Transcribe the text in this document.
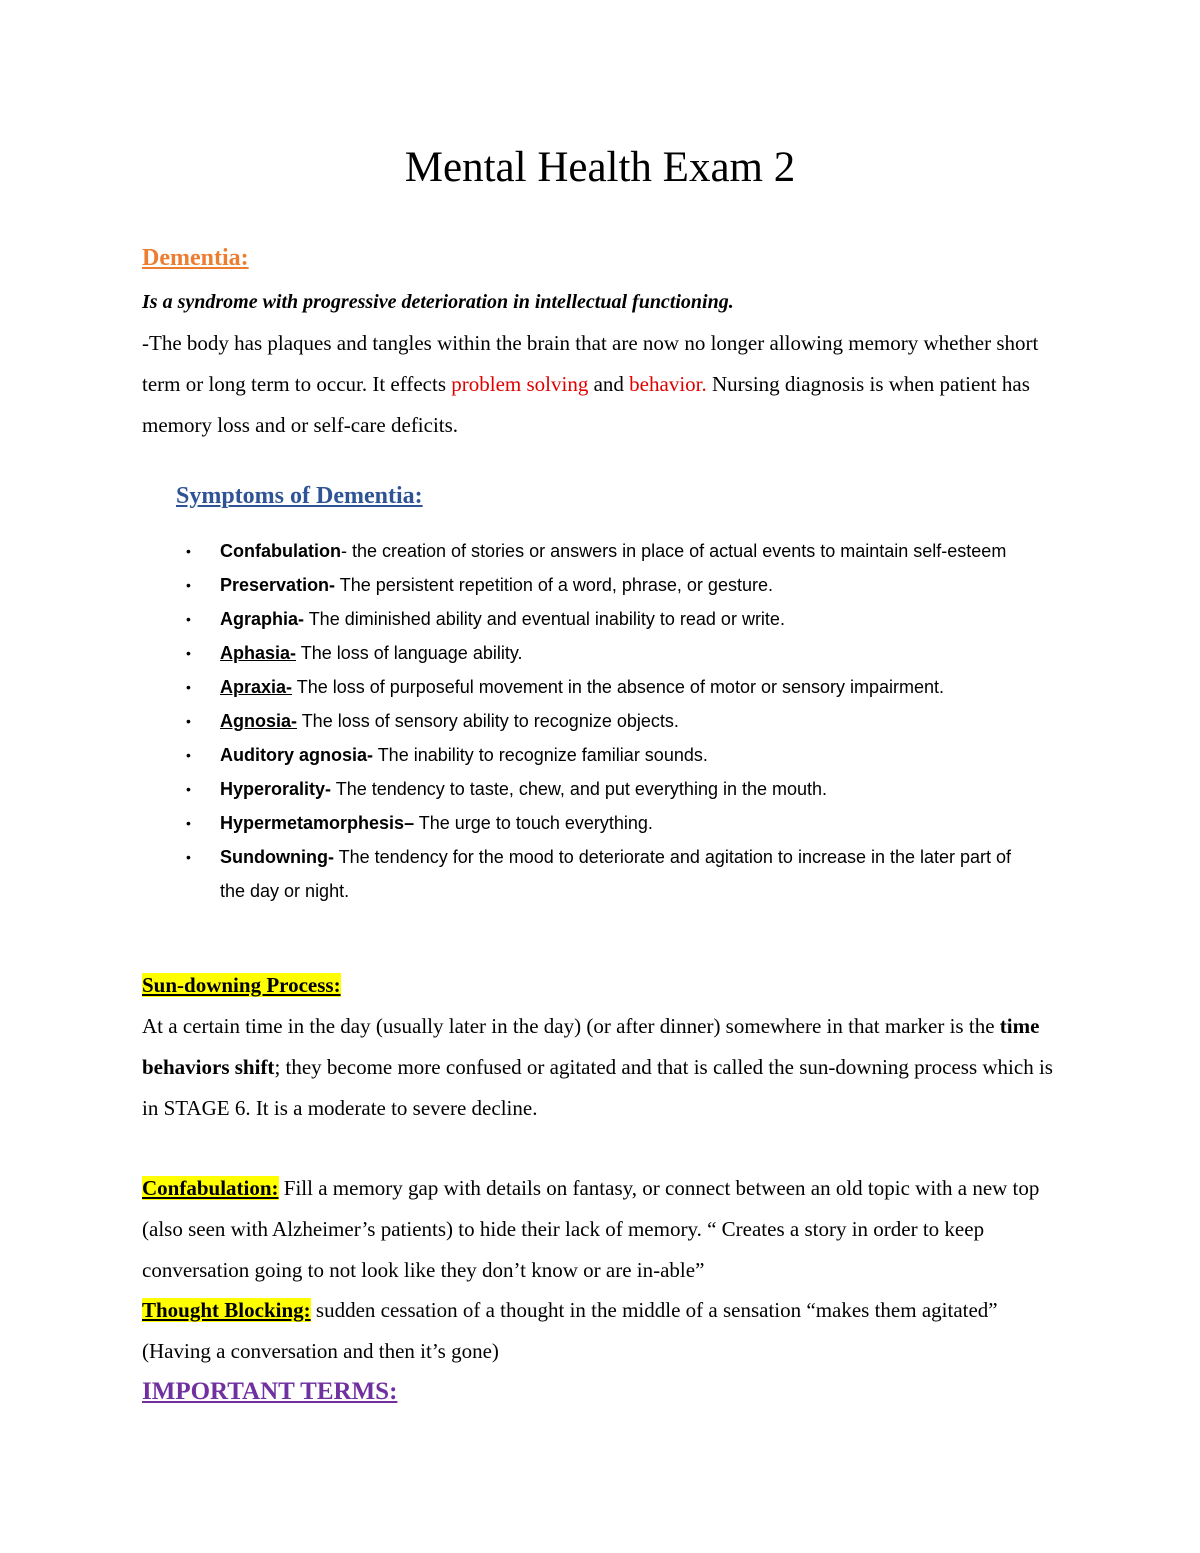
Mental Health Exam 2
Dementia:

Is a syndrome with progressive deterioration in intellectual functioning.

-The body has plaques and tangles within the brain that are now no longer allowing memory whether short term or long term to occur. It effects problem solving and behavior. Nursing diagnosis is when patient has memory loss and or self-care deficits.

Symptoms of Dementia:
• Confabulation- the creation of stories or answers in place of actual events to maintain self-esteem
• Preservation- The persistent repetition of a word, phrase, or gesture.
• Agraphia- The diminished ability and eventual inability to read or write.
• Aphasia- The loss of language ability.
• Apraxia- The loss of purposeful movement in the absence of motor or sensory impairment.
• Agnosia- The loss of sensory ability to recognize objects.
• Auditory agnosia- The inability to recognize familiar sounds.
• Hyperorality- The tendency to taste, chew, and put everything in the mouth.
• Hypermetamorphesis– The urge to touch everything.
• Sundowning- The tendency for the mood to deteriorate and agitation to increase in the later part of the day or night.

Sun-downing Process:

At a certain time in the day (usually later in the day) (or after dinner) somewhere in that marker is the time behaviors shift; they become more confused or agitated and that is called the sun-downing process which is in STAGE 6. It is a moderate to severe decline.

Confabulation: Fill a memory gap with details on fantasy, or connect between an old topic with a new top (also seen with Alzheimer’s patients) to hide their lack of memory. “ Creates a story in order to keep conversation going to not look like they don’t know or are in-able”

Thought Blocking: sudden cessation of a thought in the middle of a sensation “makes them agitated” (Having a conversation and then it’s gone)

IMPORTANT TERMS:
